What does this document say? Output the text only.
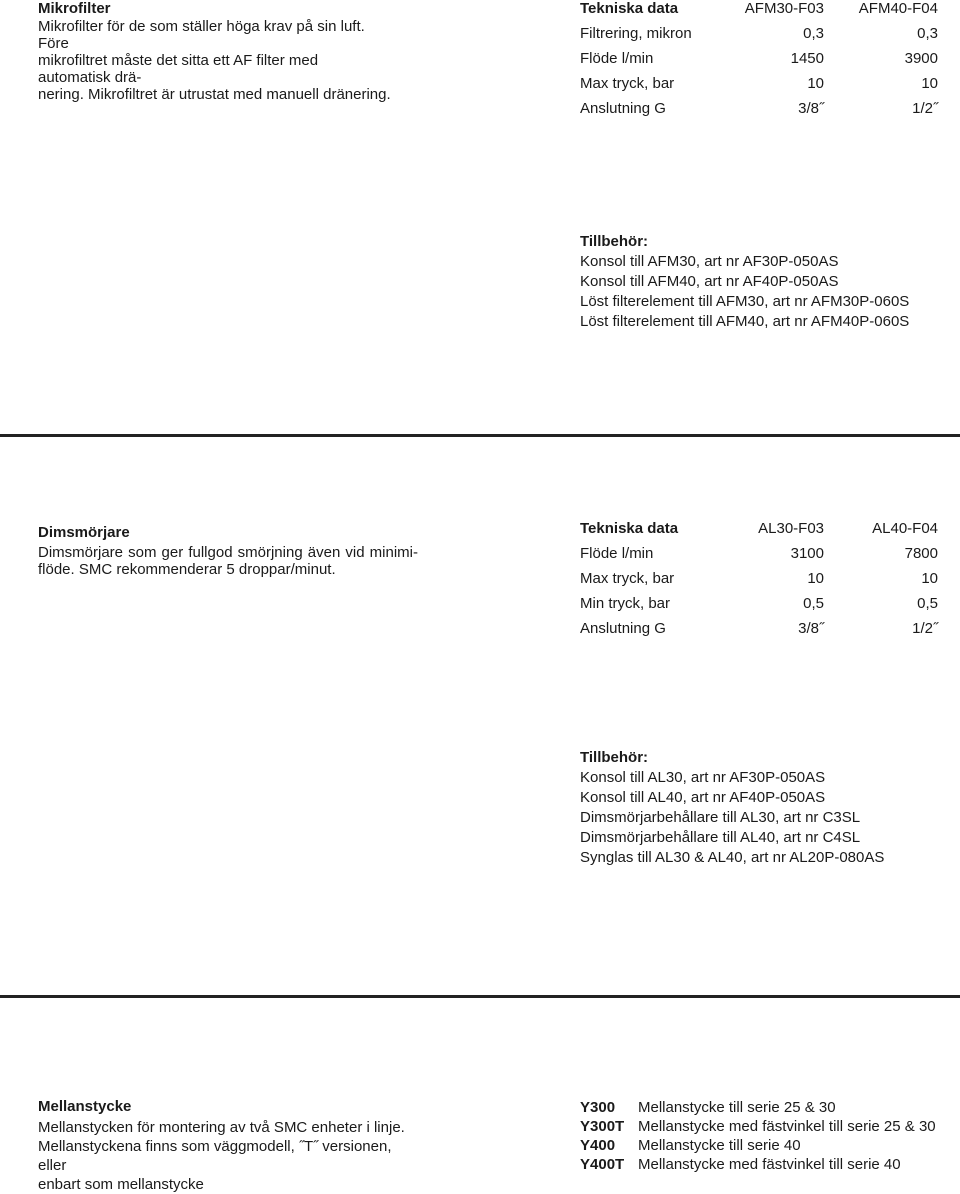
Mikrofilter
Mikrofilter för de som ställer höga krav på sin luft. Före
mikrofiltret måste det sitta ett AF filter med automatisk drä-
nering. Mikrofiltret är utrustat med manuell dränering.
Tekniska data	AFM30-F03 AFM40-F04
Filtrering, mikron	0,3	0,3
Flöde l/min	1450	3900
Max tryck, bar	10	10
Anslutning G	3/8˝	1/2˝
Tillbehör:
Konsol till AFM30, art nr AF30P-050AS
Konsol till AFM40, art nr AF40P-050AS
Löst filterelement till AFM30, art nr AFM30P-060S
Löst filterelement till AFM40, art nr AFM40P-060S
Dimsmörjare
Dimsmörjare som ger fullgod smörjning även vid minimi-
flöde. SMC rekommenderar 5 droppar/minut.
Tekniska data	AL30-F03	AL40-F04
Flöde l/min	3100	7800
Max tryck, bar	10	10
Min tryck, bar	0,5	0,5
Anslutning G	3/8˝	1/2˝
Tillbehör:
Konsol till AL30, art nr AF30P-050AS
Konsol till AL40, art nr AF40P-050AS
Dimsmörjarbehållare till AL30, art nr C3SL
Dimsmörjarbehållare till AL40, art nr C4SL
Synglas till AL30 & AL40, art nr AL20P-080AS
Mellanstycke
Mellanstycken för montering av två SMC enheter i linje.
Mellanstyckena finns som väggmodell, ˝T˝ versionen, eller
enbart som mellanstycke
Y300 Mellanstycke till serie 25 & 30
Y300T Mellanstycke med fästvinkel till serie 25 & 30
Y400 Mellanstycke till serie 40
Y400T Mellanstycke med fästvinkel till serie 40
